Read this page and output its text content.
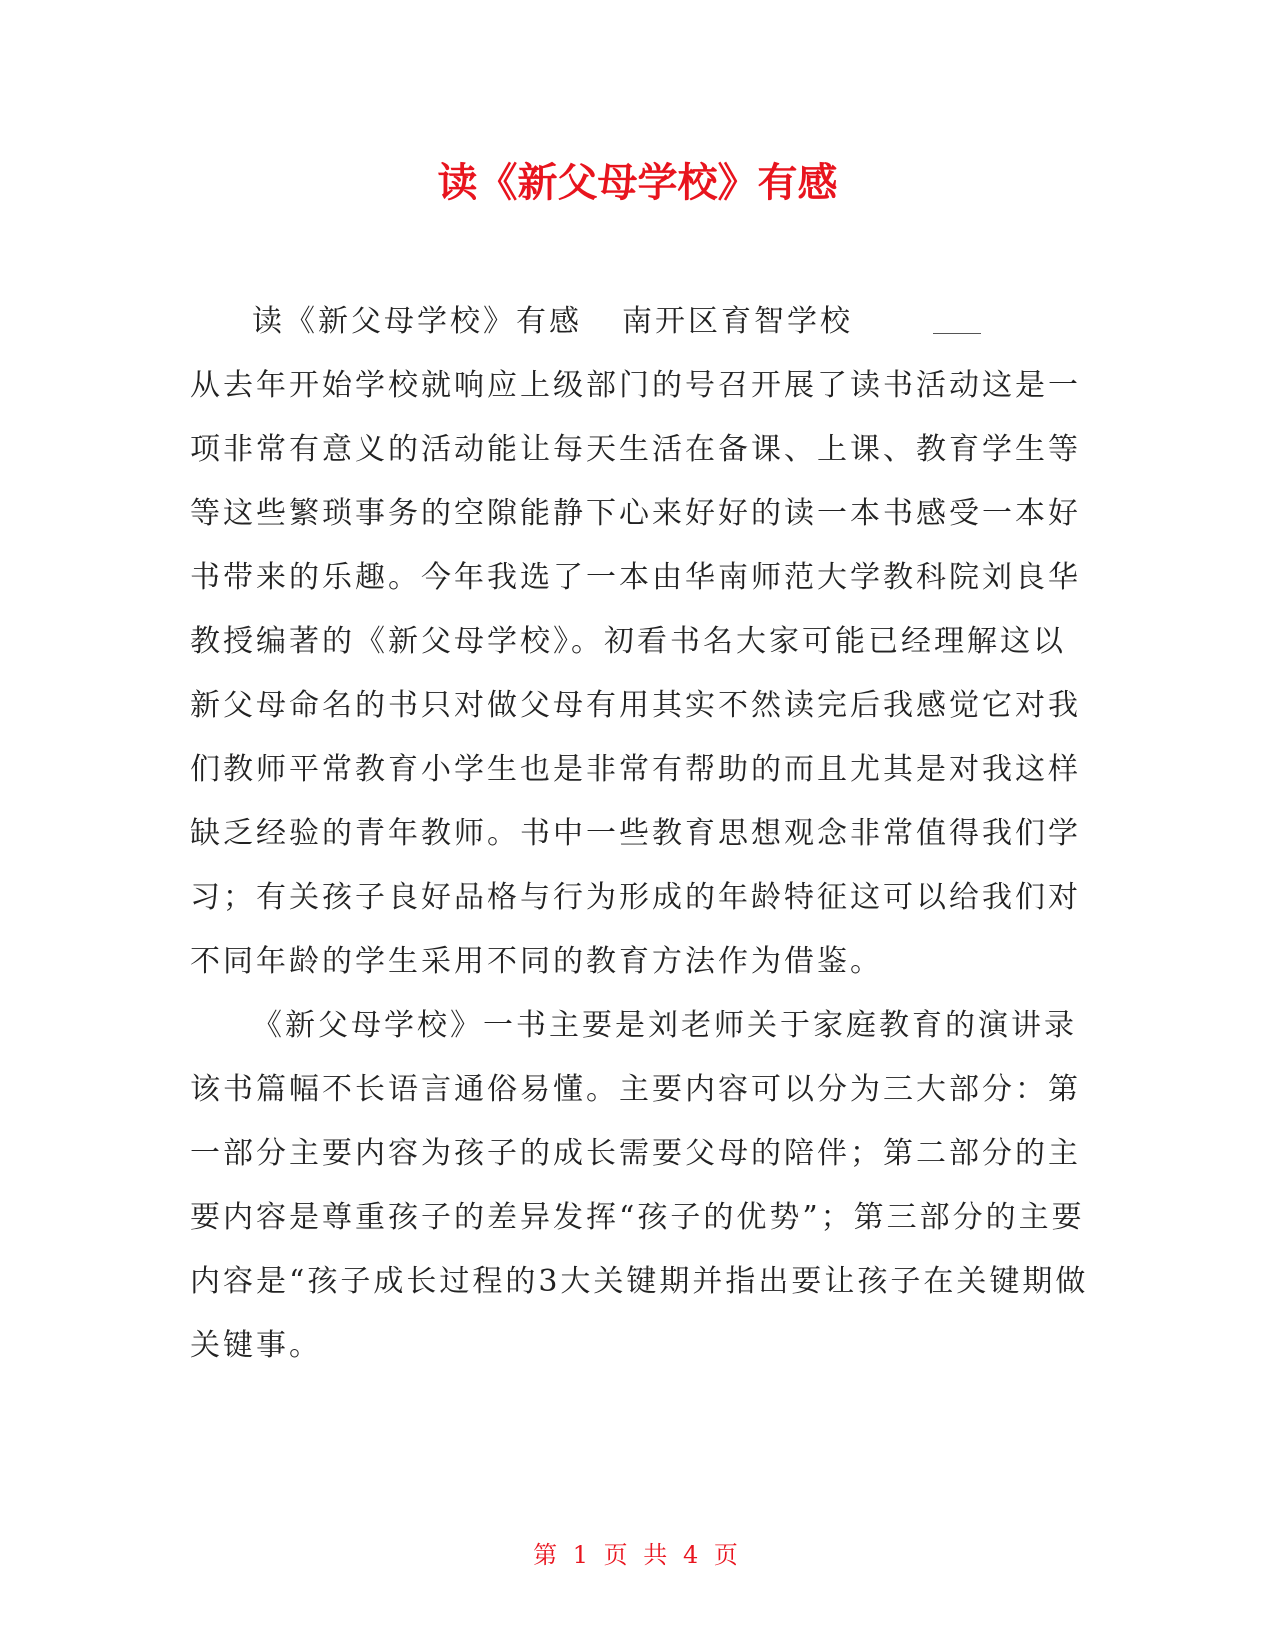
读《新父母学校》有感
读《新父母学校》有感 南开区育智学校

从去年开始学校就响应上级部门的号召开展了读书活动这是一项非常有意义的活动能让每天生活在备课、上课、教育学生等等这些繁琐事务的空隙能静下心来好好的读一本书感受一本好书带来的乐趣。今年我选了一本由华南师范大学教科院刘良华教授编著的《新父母学校》。初看书名大家可能已经理解这以新父母命名的书只对做父母有用其实不然读完后我感觉它对我们教师平常教育小学生也是非常有帮助的而且尤其是对我这样缺乏经验的青年教师。书中一些教育思想观念非常值得我们学习；有关孩子良好品格与行为形成的年龄特征这可以给我们对不同年龄的学生采用不同的教育方法作为借鉴。

《新父母学校》一书主要是刘老师关于家庭教育的演讲录该书篇幅不长语言通俗易懂。主要内容可以分为三大部分：第一部分主要内容为孩子的成长需要父母的陪伴；第二部分的主要内容是尊重孩子的差异发挥“孩子的优势”；第三部分的主要内容是“孩子成长过程的3大关键期并指出要让孩子在关键期做关键事。

第 1 页 共 4 页
